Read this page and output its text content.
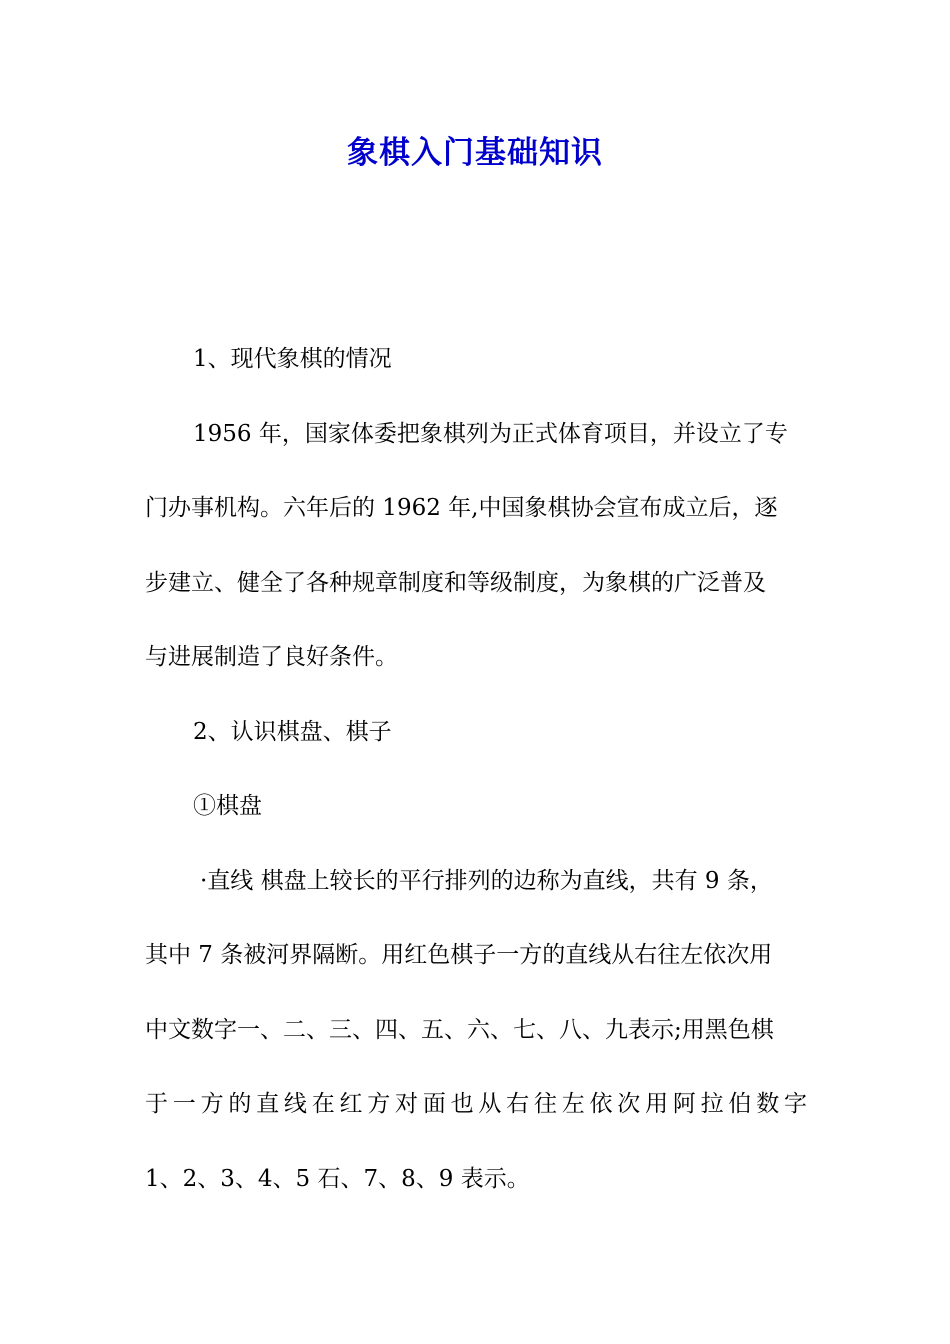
象棋入门基础知识
1、现代象棋的情况
1956 年，国家体委把象棋列为正式体育项目，并设立了专
门办事机构。六年后的 1962 年,中国象棋协会宣布成立后，逐
步建立、健全了各种规章制度和等级制度，为象棋的广泛普及
与进展制造了良好条件。
2、认识棋盘、棋子
①棋盘
·直线 棋盘上较长的平行排列的边称为直线，共有 9 条，
其中 7 条被河界隔断。用红色棋子一方的直线从右往左依次用
中文数字一、二、三、四、五、六、七、八、九表示;用黑色棋
于一方的直线在红方对面也从右往左依次用阿拉伯数字
1、2、3、4、5 石、7、8、9 表示。
